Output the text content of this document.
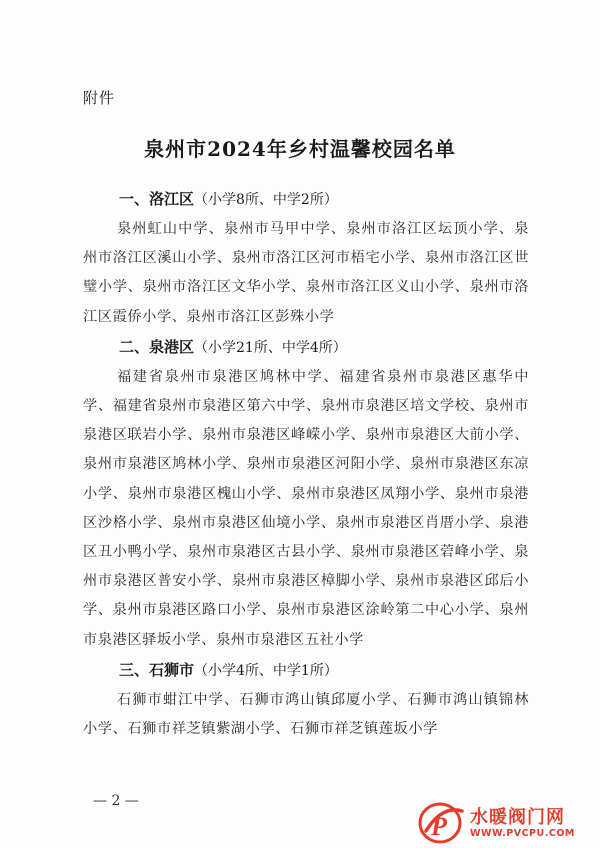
附件
泉州市2024年乡村温馨校园名单
一、洛江区（小学8所、中学2所）

泉州虹山中学、泉州市马甲中学、泉州市洛江区坛顶小学、泉州市洛江区溪山小学、泉州市洛江区河市梧宅小学、泉州市洛江区世璧小学、泉州市洛江区文华小学、泉州市洛江区义山小学、泉州市洛江区霞侨小学、泉州市洛江区彭殊小学

二、泉港区（小学21所、中学4所）

福建省泉州市泉港区鸠林中学、福建省泉州市泉港区惠华中学、福建省泉州市泉港区第六中学、泉州市泉港区培文学校、泉州市泉港区联岩小学、泉州市泉港区峰嵘小学、泉州市泉港区大前小学、泉州市泉港区鸠林小学、泉州市泉港区河阳小学、泉州市泉港区东凉小学、泉州市泉港区槐山小学、泉州市泉港区凤翔小学、泉州市泉港区沙格小学、泉州市泉港区仙境小学、泉州市泉港区肖厝小学、泉港区丑小鸭小学、泉州市泉港区古县小学、泉州市泉港区菪峰小学、泉州市泉港区普安小学、泉州市泉港区樟脚小学、泉州市泉港区邱后小学、泉州市泉港区路口小学、泉州市泉港区涂岭第二中心小学、泉州市泉港区驿坂小学、泉州市泉港区五社小学

三、石狮市（小学4所、中学1所）

石狮市蚶江中学、石狮市鸿山镇邱厦小学、石狮市鸿山镇锦林小学、石狮市祥芝镇紫湖小学、石狮市祥芝镇莲坂小学

— 2 —
P 水暖阀门网
WWW.PVCPU.COM
